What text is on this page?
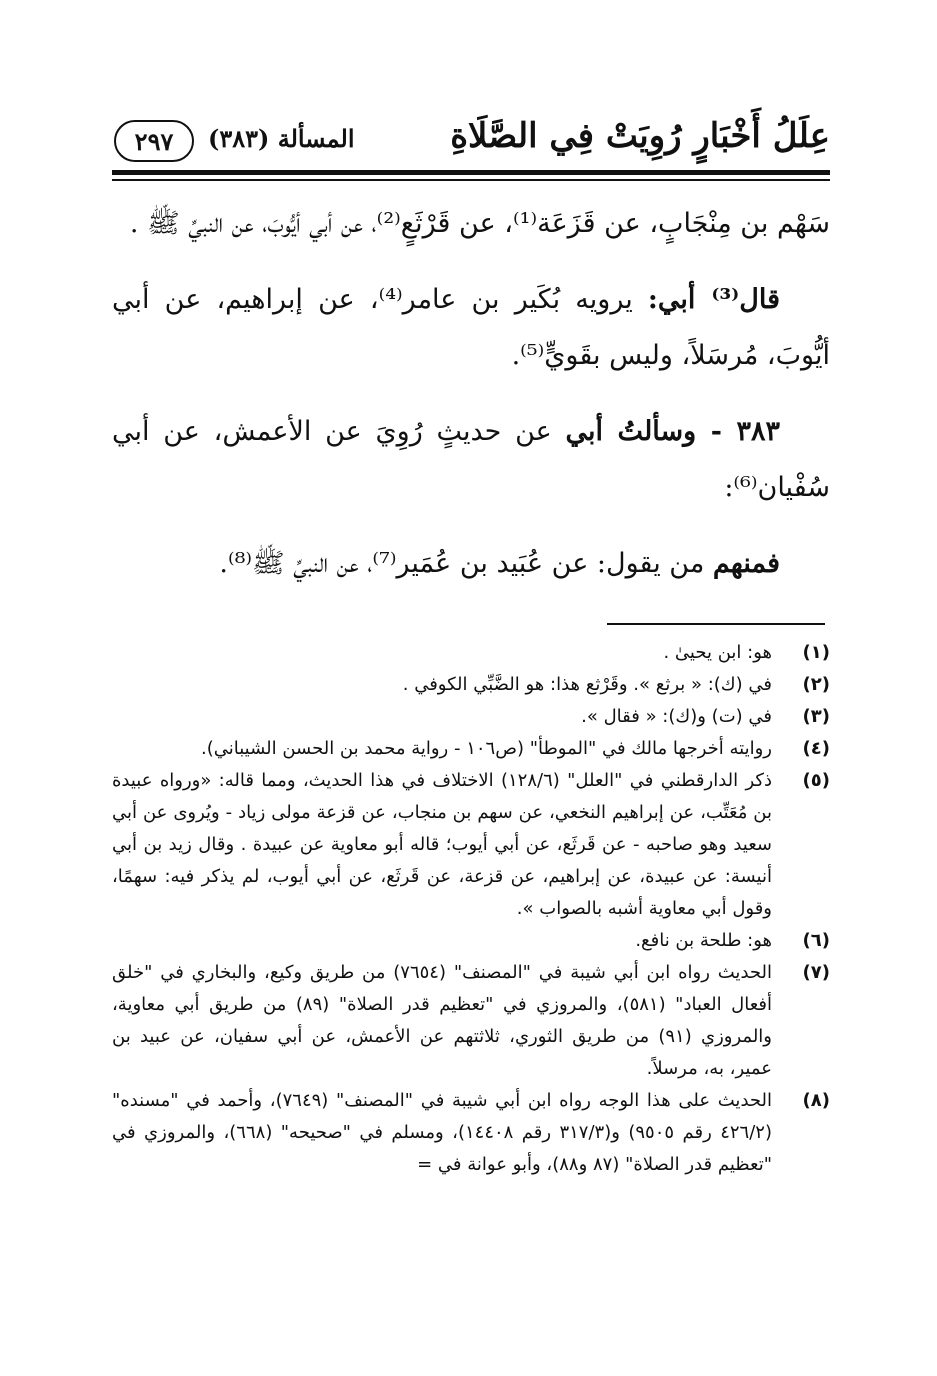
عِلَلُ أَخْبَارٍ رُوِيَتْ فِي الصَّلَاةِ
المسألة (٣٨٣)
٢٩٧

سَهْم بن مِنْجَابٍ، عن قَزَعَة⁽¹⁾، عن قَرْثَعٍ⁽²⁾، عن أبي أيُّوبَ، عن النبيِّ ﷺ .

قال⁽³⁾ أبي: يرويه بُكَير بن عامر⁽⁴⁾، عن إبراهيم، عن أبي أيُّوبَ، مُرسَلاً، وليس بقَويٍّ⁽⁵⁾.

٣٨٣ - وسألتُ أبي عن حديثٍ رُوِيَ عن الأعمش، عن أبي سُفْيان⁽⁶⁾:

فمنهم من يقول: عن عُبَيد بن عُمَير⁽⁷⁾، عن النبيِّ ﷺ⁽⁸⁾.

(١)
هو: ابن يحيىٰ .
(٢)
في (ك): « برثع ». وقَرْثع هذا: هو الضَّبِّي الكوفي .
(٣)
في (ت) و(ك): « فقال ».
(٤)
روايته أخرجها مالك في "الموطأ" (ص١٠٦ - رواية محمد بن الحسن الشيباني).
(٥)
ذكر الدارقطني في "العلل" (١٢٨/٦) الاختلاف في هذا الحديث، ومما قاله: «ورواه عبيدة بن مُعَتِّب، عن إبراهيم النخعي، عن سهم بن منجاب، عن قزعة مولى زياد - ويُروى عن أبي سعيد وهو صاحبه - عن قَرثَع، عن أبي أيوب؛ قاله أبو معاوية عن عبيدة . وقال زيد بن أبي أنيسة: عن عبيدة، عن إبراهيم، عن قزعة، عن قَرثَع، عن أبي أيوب، لم يذكر فيه: سهمًا، وقول أبي معاوية أشبه بالصواب ».
(٦)
هو: طلحة بن نافع.
(٧)
الحديث رواه ابن أبي شيبة في "المصنف" (٧٦٥٤) من طريق وكيع، والبخاري في "خلق أفعال العباد" (٥٨١)، والمروزي في "تعظيم قدر الصلاة" (٨٩) من طريق أبي معاوية، والمروزي (٩١) من طريق الثوري، ثلاثتهم عن الأعمش، عن أبي سفيان، عن عبيد بن عمير، به، مرسلاً.
(٨)
الحديث على هذا الوجه رواه ابن أبي شيبة في "المصنف" (٧٦٤٩)، وأحمد في "مسنده" (٤٢٦/٢ رقم ٩٥٠٥) و(٣١٧/٣ رقم ١٤٤٠٨)، ومسلم في "صحيحه" (٦٦٨)، والمروزي في "تعظيم قدر الصلاة" (٨٧ و٨٨)، وأبو عوانة في =
